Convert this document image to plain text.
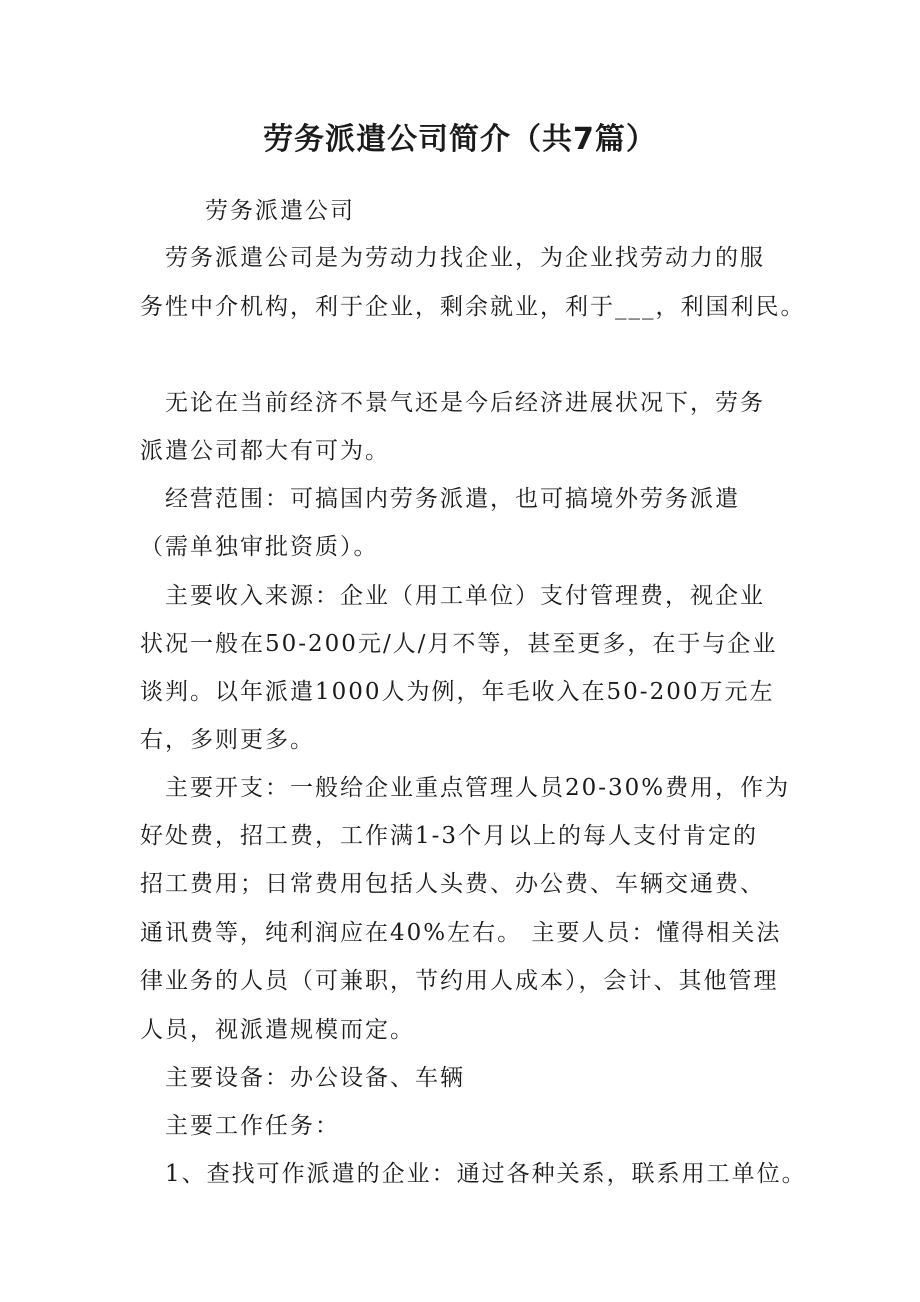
劳务派遣公司简介（共7篇）
劳务派遣公司
劳务派遣公司是为劳动力找企业，为企业找劳动力的服
务性中介机构，利于企业，剩余就业，利于___，利国利民。
无论在当前经济不景气还是今后经济进展状况下，劳务
派遣公司都大有可为。
经营范围：可搞国内劳务派遣，也可搞境外劳务派遣
（需单独审批资质）。
主要收入来源：企业（用工单位）支付管理费，视企业
状况一般在50-200元/人/月不等，甚至更多，在于与企业
谈判。以年派遣1000人为例，年毛收入在50-200万元左
右，多则更多。
主要开支：一般给企业重点管理人员20-30%费用，作为
好处费，招工费，工作满1-3个月以上的每人支付肯定的
招工费用；日常费用包括人头费、办公费、车辆交通费、
通讯费等，纯利润应在40%左右。 主要人员：懂得相关法
律业务的人员（可兼职，节约用人成本），会计、其他管理
人员，视派遣规模而定。
主要设备：办公设备、车辆
主要工作任务：
1、查找可作派遣的企业：通过各种关系，联系用工单位。
